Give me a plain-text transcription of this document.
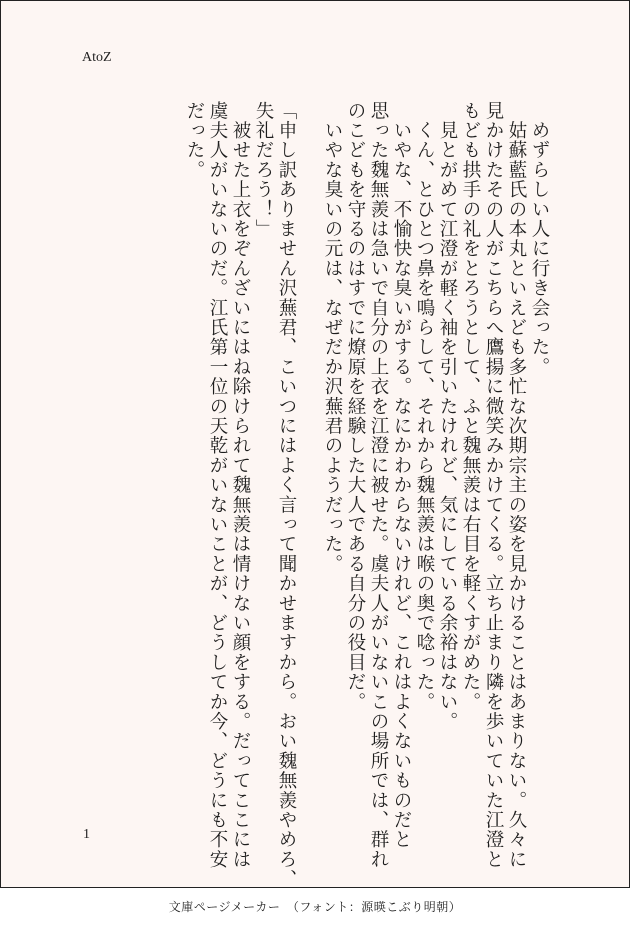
AtoZ

　めずらしい人に行き会った。

　姑蘇藍氏の本丸といえども多忙な次期宗主の姿を見かけることはあまりない。久々に

見かけたその人がこちらへ鷹揚に微笑みかけてくる。立ち止まり隣を歩いていた江澄と

もども拱手の礼をとろうとして、ふと魏無羨は右目を軽くすがめた。

　見とがめて江澄が軽く袖を引いたけれど、気にしている余裕はない。

　くん、とひとつ鼻を鳴らして、それから魏無羨は喉の奥で唸った。

　いやな、不愉快な臭いがする。なにかわからないけれど、これはよくないものだと

思った魏無羨は急いで自分の上衣を江澄に被せた。虞夫人がいないこの場所では、群れ

のこどもを守るのはすでに燎原を経験した大人である自分の役目だ。

　いやな臭いの元は、なぜだか沢蕪君のようだった。

「申し訳ありません沢蕪君、こいつにはよく言って聞かせますから。おい魏無羨やめろ、

失礼だろう！」

　被せた上衣をぞんざいにはね除けられて魏無羨は情けない顔をする。だってここには

虞夫人がいないのだ。江氏第一位の天乾がいないことが、どうしてか今、どうにも不安

だった。

1
文庫ページメーカー　（フォント：源暎こぶり明朝）
